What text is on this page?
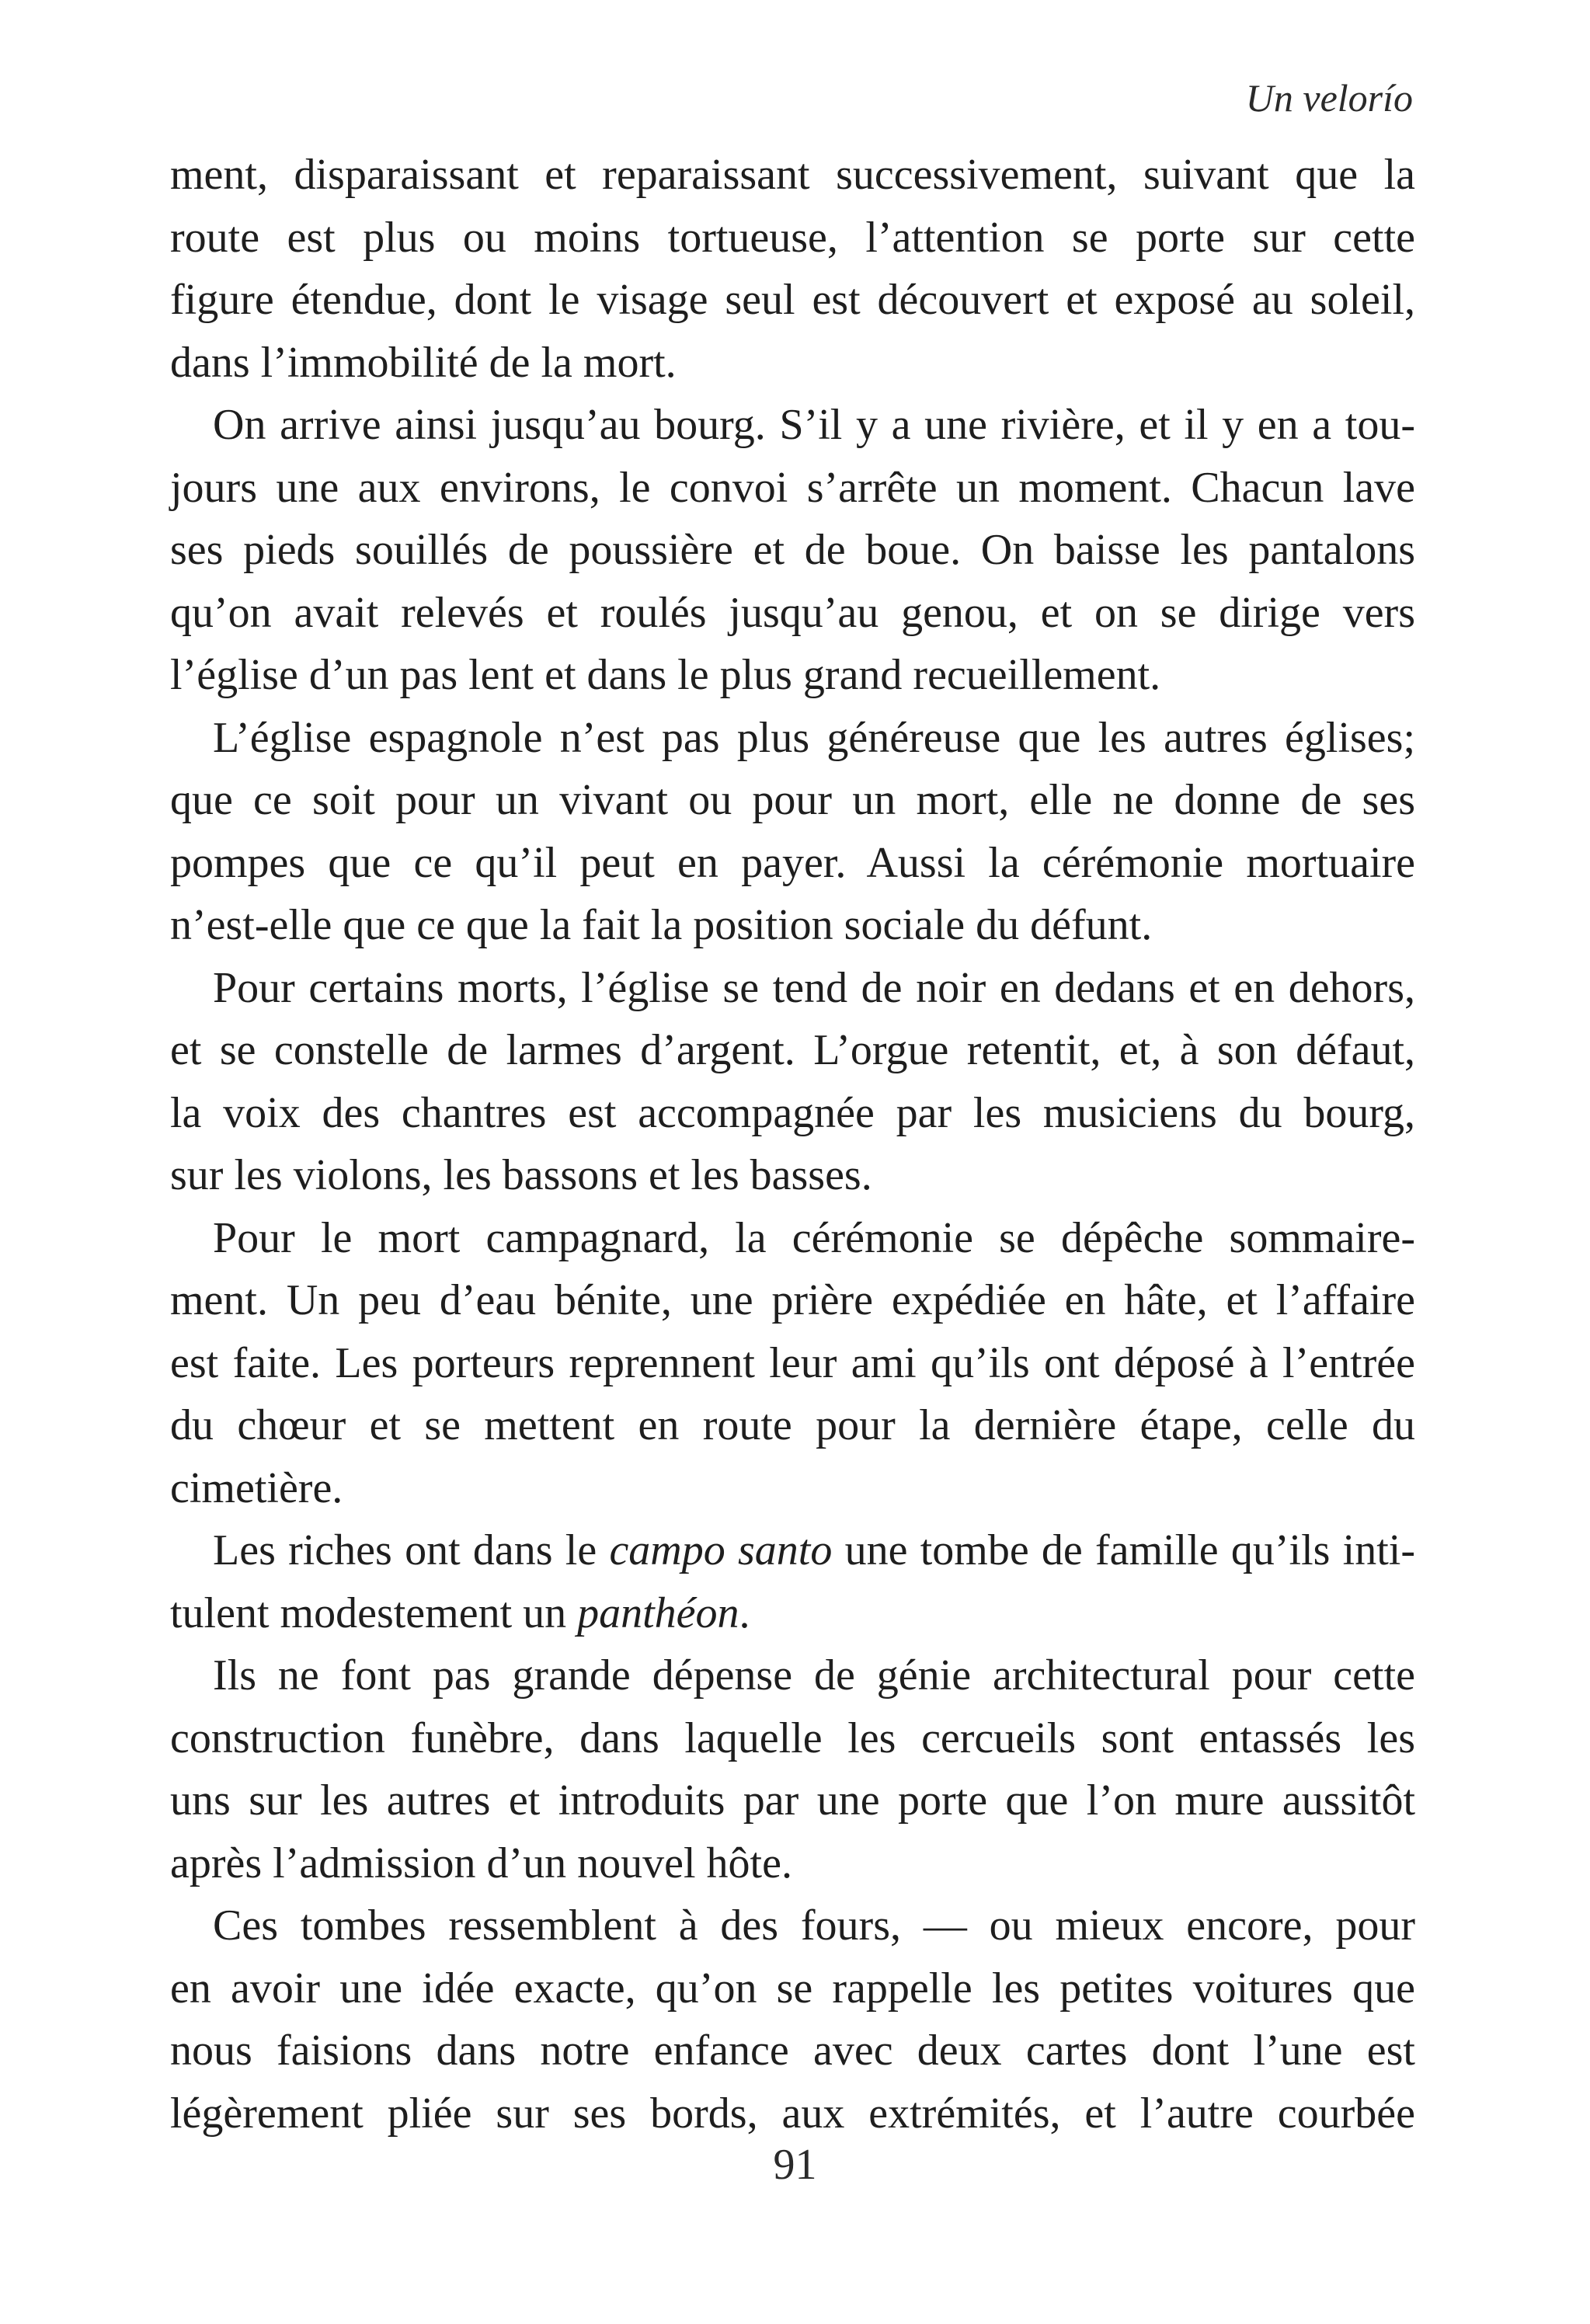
Un velorío

ment, disparaissant et reparaissant successivement, suivant que la
route est plus ou moins tortueuse, l’attention se porte sur cette
figure étendue, dont le visage seul est découvert et exposé au soleil,
dans l’immobilité de la mort.

On arrive ainsi jusqu’au bourg. S’il y a une rivière, et il y en a tou-
jours une aux environs, le convoi s’arrête un moment. Chacun lave
ses pieds souillés de poussière et de boue. On baisse les pantalons
qu’on avait relevés et roulés jusqu’au genou, et on se dirige vers
l’église d’un pas lent et dans le plus grand recueillement.

L’église espagnole n’est pas plus généreuse que les autres églises;
que ce soit pour un vivant ou pour un mort, elle ne donne de ses
pompes que ce qu’il peut en payer. Aussi la cérémonie mortuaire
n’est-elle que ce que la fait la position sociale du défunt.

Pour certains morts, l’église se tend de noir en dedans et en dehors,
et se constelle de larmes d’argent. L’orgue retentit, et, à son défaut,
la voix des chantres est accompagnée par les musiciens du bourg,
sur les violons, les bassons et les basses.

Pour le mort campagnard, la cérémonie se dépêche sommaire-
ment. Un peu d’eau bénite, une prière expédiée en hâte, et l’affaire
est faite. Les porteurs reprennent leur ami qu’ils ont déposé à l’entrée
du chœur et se mettent en route pour la dernière étape, celle du
cimetière.

Les riches ont dans le campo santo une tombe de famille qu’ils inti-
tulent modestement un panthéon.

Ils ne font pas grande dépense de génie architectural pour cette
construction funèbre, dans laquelle les cercueils sont entassés les
uns sur les autres et introduits par une porte que l’on mure aussitôt
après l’admission d’un nouvel hôte.

Ces tombes ressemblent à des fours, — ou mieux encore, pour
en avoir une idée exacte, qu’on se rappelle les petites voitures que
nous faisions dans notre enfance avec deux cartes dont l’une est
légèrement pliée sur ses bords, aux extrémités, et l’autre courbée

91
